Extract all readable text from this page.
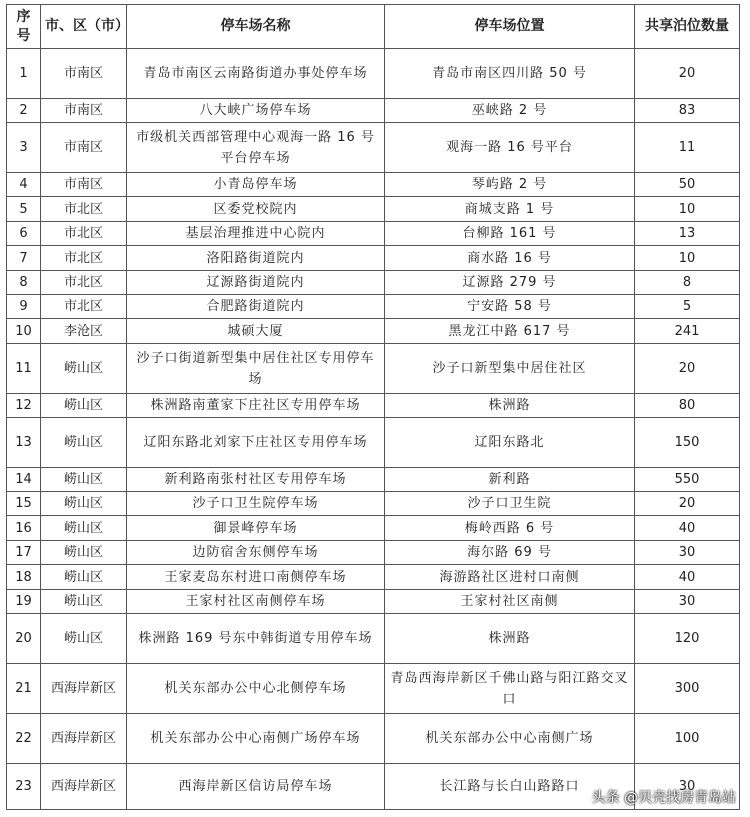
序号	市、区（市）	停车场名称	停车场位置	共享泊位数量
1	市南区	青岛市南区云南路街道办事处停车场	青岛市南区四川路 50 号	20
2	市南区	八大峡广场停车场	巫峡路 2 号	83
3	市南区	市级机关西部管理中心观海一路 16 号平台停车场	观海一路 16 号平台	11
4	市南区	小青岛停车场	琴屿路 2 号	50
5	市北区	区委党校院内	商城支路 1 号	10
6	市北区	基层治理推进中心院内	台柳路 161 号	13
7	市北区	洛阳路街道院内	商水路 16 号	10
8	市北区	辽源路街道院内	辽源路 279 号	8
9	市北区	合肥路街道院内	宁安路 58 号	5
10	李沧区	城硕大厦	黑龙江中路 617 号	241
11	崂山区	沙子口街道新型集中居住社区专用停车场	沙子口新型集中居住社区	20
12	崂山区	株洲路南董家下庄社区专用停车场	株洲路	80
13	崂山区	辽阳东路北刘家下庄社区专用停车场	辽阳东路北	150
14	崂山区	新利路南张村社区专用停车场	新利路	550
15	崂山区	沙子口卫生院停车场	沙子口卫生院	20
16	崂山区	御景峰停车场	梅岭西路 6 号	40
17	崂山区	边防宿舍东侧停车场	海尔路 69 号	30
18	崂山区	王家麦岛东村进口南侧停车场	海游路社区进村口南侧	40
19	崂山区	王家村社区南侧停车场	王家村社区南侧	30
20	崂山区	株洲路 169 号东中韩街道专用停车场	株洲路	120
21	西海岸新区	机关东部办公中心北侧停车场	青岛西海岸新区千佛山路与阳江路交叉口	300
22	西海岸新区	机关东部办公中心南侧广场停车场	机关东部办公中心南侧广场	100
23	西海岸新区	西海岸新区信访局停车场	长江路与长白山路路口	30
头条 @贝壳找房青岛站
